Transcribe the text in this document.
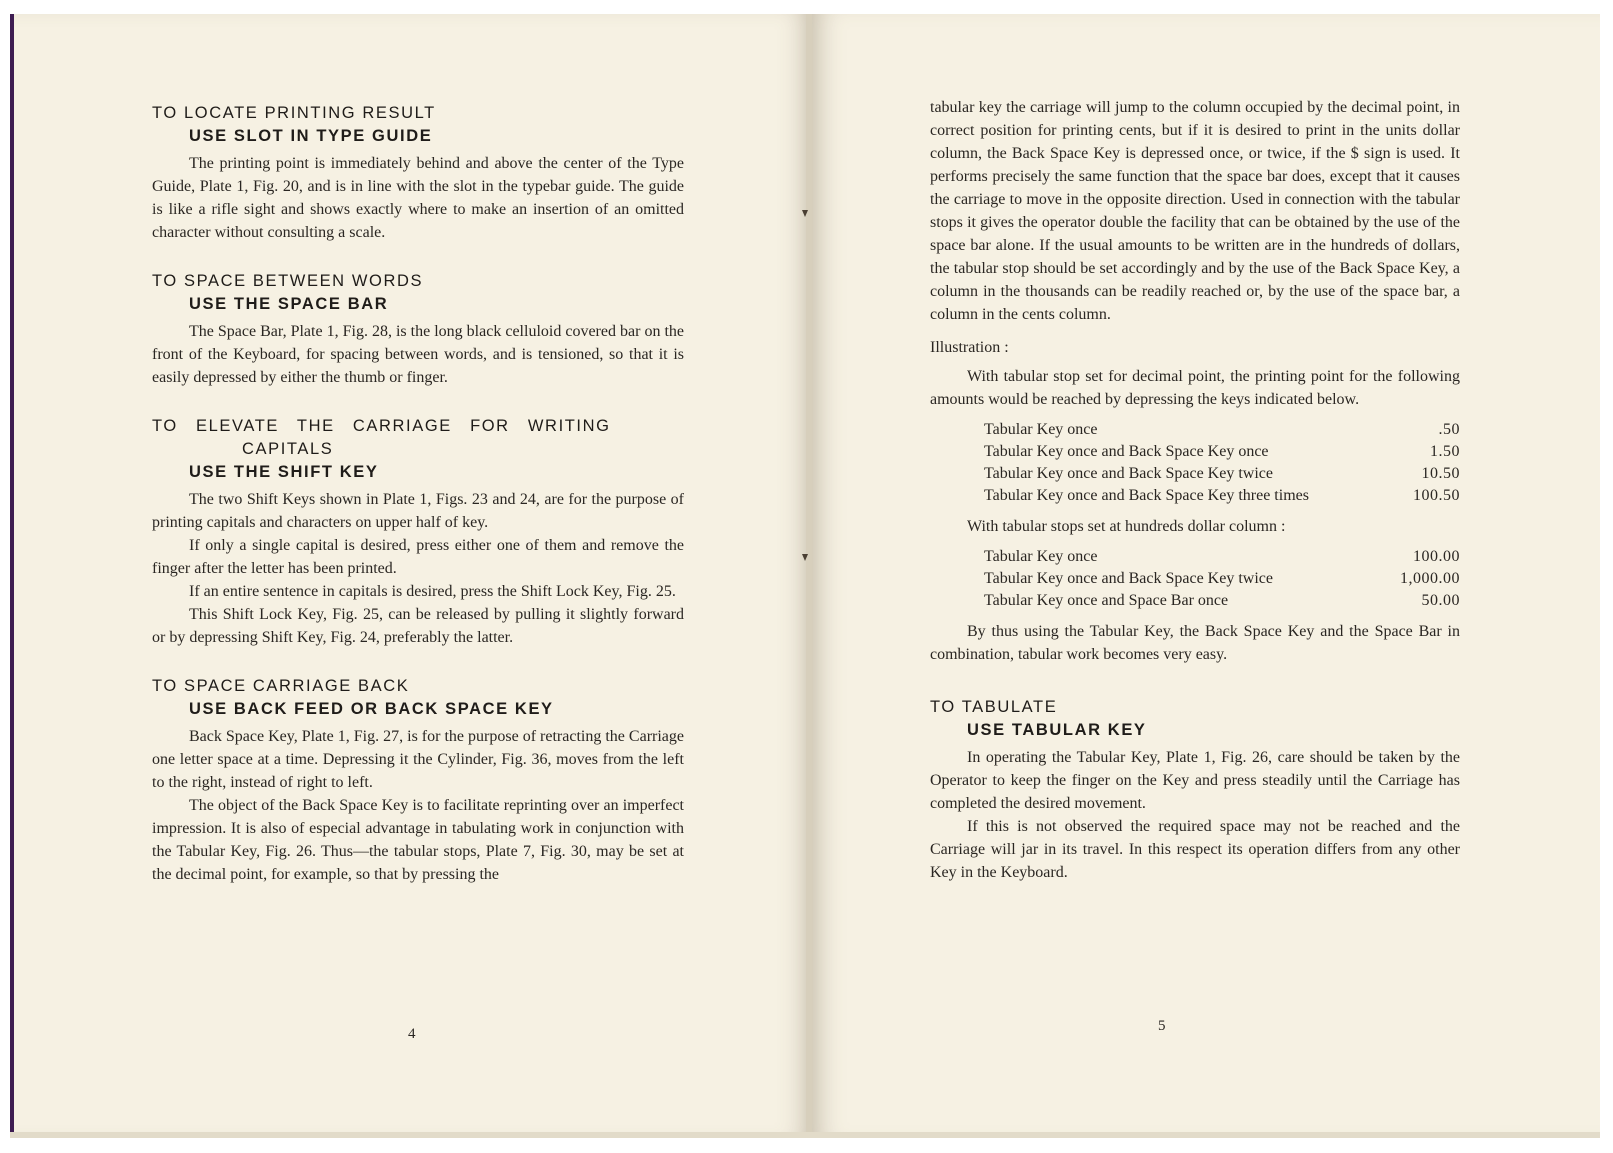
TO LOCATE PRINTING RESULT
USE SLOT IN TYPE GUIDE

The printing point is immediately behind and above the center of the Type Guide, Plate 1, Fig. 20, and is in line with the slot in the typebar guide. The guide is like a rifle sight and shows exactly where to make an insertion of an omitted character without consulting a scale.

TO SPACE BETWEEN WORDS
USE THE SPACE BAR

The Space Bar, Plate 1, Fig. 28, is the long black celluloid covered bar on the front of the Keyboard, for spacing between words, and is tensioned, so that it is easily depressed by either the thumb or finger.

TO ELEVATE THE CARRIAGE FOR WRITING
CAPITALS
USE THE SHIFT KEY

The two Shift Keys shown in Plate 1, Figs. 23 and 24, are for the purpose of printing capitals and characters on upper half of key.

If only a single capital is desired, press either one of them and remove the finger after the letter has been printed.

If an entire sentence in capitals is desired, press the Shift Lock Key, Fig. 25.

This Shift Lock Key, Fig. 25, can be released by pulling it slightly forward or by depressing Shift Key, Fig. 24, preferably the latter.

TO SPACE CARRIAGE BACK
USE BACK FEED OR BACK SPACE KEY

Back Space Key, Plate 1, Fig. 27, is for the purpose of retracting the Carriage one letter space at a time. Depressing it the Cylinder, Fig. 36, moves from the left to the right, instead of right to left.

The object of the Back Space Key is to facilitate reprinting over an imperfect impression. It is also of especial advantage in tabulating work in conjunction with the Tabular Key, Fig. 26. Thus—the tabular stops, Plate 7, Fig. 30, may be set at the decimal point, for example, so that by pressing the

4

tabular key the carriage will jump to the column occupied by the decimal point, in correct position for printing cents, but if it is desired to print in the units dollar column, the Back Space Key is depressed once, or twice, if the $ sign is used. It performs precisely the same function that the space bar does, except that it causes the carriage to move in the opposite direction. Used in connection with the tabular stops it gives the operator double the facility that can be obtained by the use of the space bar alone. If the usual amounts to be written are in the hundreds of dollars, the tabular stop should be set accordingly and by the use of the Back Space Key, a column in the thousands can be readily reached or, by the use of the space bar, a column in the cents column.

Illustration :

With tabular stop set for decimal point, the printing point for the following amounts would be reached by depressing the keys indicated below.

Tabular Key once	.50
Tabular Key once and Back Space Key once	1.50
Tabular Key once and Back Space Key twice	10.50
Tabular Key once and Back Space Key three times	100.50

With tabular stops set at hundreds dollar column :

Tabular Key once	100.00
Tabular Key once and Back Space Key twice	1,000.00
Tabular Key once and Space Bar once	50.00

By thus using the Tabular Key, the Back Space Key and the Space Bar in combination, tabular work becomes very easy.

TO TABULATE
USE TABULAR KEY

In operating the Tabular Key, Plate 1, Fig. 26, care should be taken by the Operator to keep the finger on the Key and press steadily until the Carriage has completed the desired movement.

If this is not observed the required space may not be reached and the Carriage will jar in its travel. In this respect its operation differs from any other Key in the Keyboard.

5
